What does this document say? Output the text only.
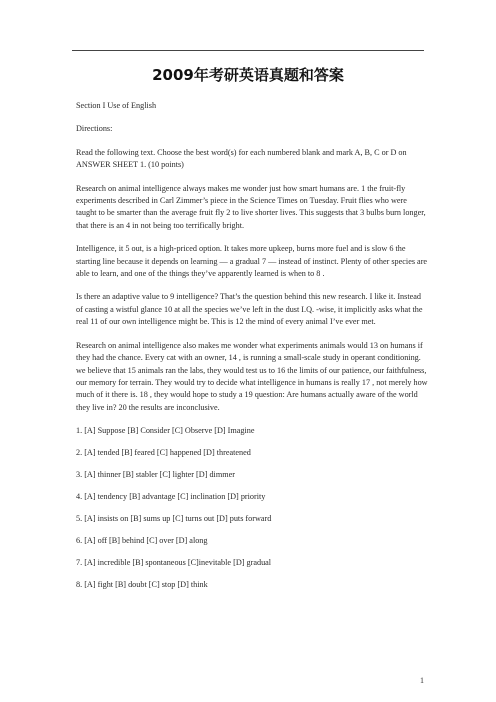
2009年考研英语真题和答案

Section I Use of English

Directions:

Read the following text. Choose the best word(s) for each numbered blank and mark A, B, C or D on ANSWER SHEET 1. (10 points)

Research on animal intelligence always makes me wonder just how smart humans are. 1 the fruit-fly experiments described in Carl Zimmer’s piece in the Science Times on Tuesday. Fruit flies who were taught to be smarter than the average fruit fly 2 to live shorter lives. This suggests that 3 bulbs burn longer, that there is an 4 in not being too terrifically bright.

Intelligence, it 5 out, is a high-priced option. It takes more upkeep, burns more fuel and is slow 6 the starting line because it depends on learning — a gradual 7 — instead of instinct. Plenty of other species are able to learn, and one of the things they’ve apparently learned is when to 8 .

Is there an adaptive value to 9 intelligence? That’s the question behind this new research. I like it. Instead of casting a wistful glance 10 at all the species we’ve left in the dust I.Q. -wise, it implicitly asks what the real 11 of our own intelligence might be. This is 12 the mind of every animal I’ve ever met.

Research on animal intelligence also makes me wonder what experiments animals would 13 on humans if they had the chance. Every cat with an owner, 14 , is running a small-scale study in operant conditioning. we believe that 15 animals ran the labs, they would test us to 16 the limits of our patience, our faithfulness, our memory for terrain. They would try to decide what intelligence in humans is really 17 , not merely how much of it there is. 18 , they would hope to study a 19 question: Are humans actually aware of the world they live in? 20 the results are inconclusive.

1. [A] Suppose [B] Consider [C] Observe [D] Imagine

2. [A] tended [B] feared [C] happened [D] threatened

3. [A] thinner [B] stabler [C] lighter [D] dimmer

4. [A] tendency [B] advantage [C] inclination [D] priority

5. [A] insists on [B] sums up [C] turns out [D] puts forward

6. [A] off [B] behind [C] over [D] along

7. [A] incredible [B] spontaneous [C]inevitable [D] gradual

8. [A] fight [B] doubt [C] stop [D] think

1
